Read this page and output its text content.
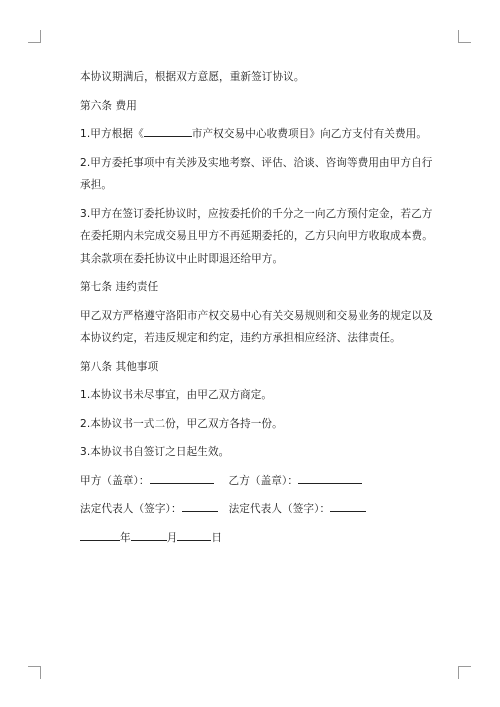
本协议期满后，根据双方意愿，重新签订协议。

第六条 费用

1.甲方根据《	市产权交易中心收费项目》向乙方支付有关费用。

2.甲方委托事项中有关涉及实地考察、评估、洽谈、咨询等费用由甲方自行承担。

3.甲方在签订委托协议时，应按委托价的千分之一向乙方预付定金，若乙方在委托期内未完成交易且甲方不再延期委托的，乙方只向甲方收取成本费。其余款项在委托协议中止时即退还给甲方。

第七条 违约责任

甲乙双方严格遵守洛阳市产权交易中心有关交易规则和交易业务的规定以及本协议约定，若违反规定和约定，违约方承担相应经济、法律责任。

第八条 其他事项

1.本协议书未尽事宜，由甲乙双方商定。

2.本协议书一式二份，甲乙双方各持一份。

3.本协议书自签订之日起生效。

甲方（盖章）：	乙方（盖章）：
法定代表人（签字）：	法定代表人（签字）：
年	月	日
